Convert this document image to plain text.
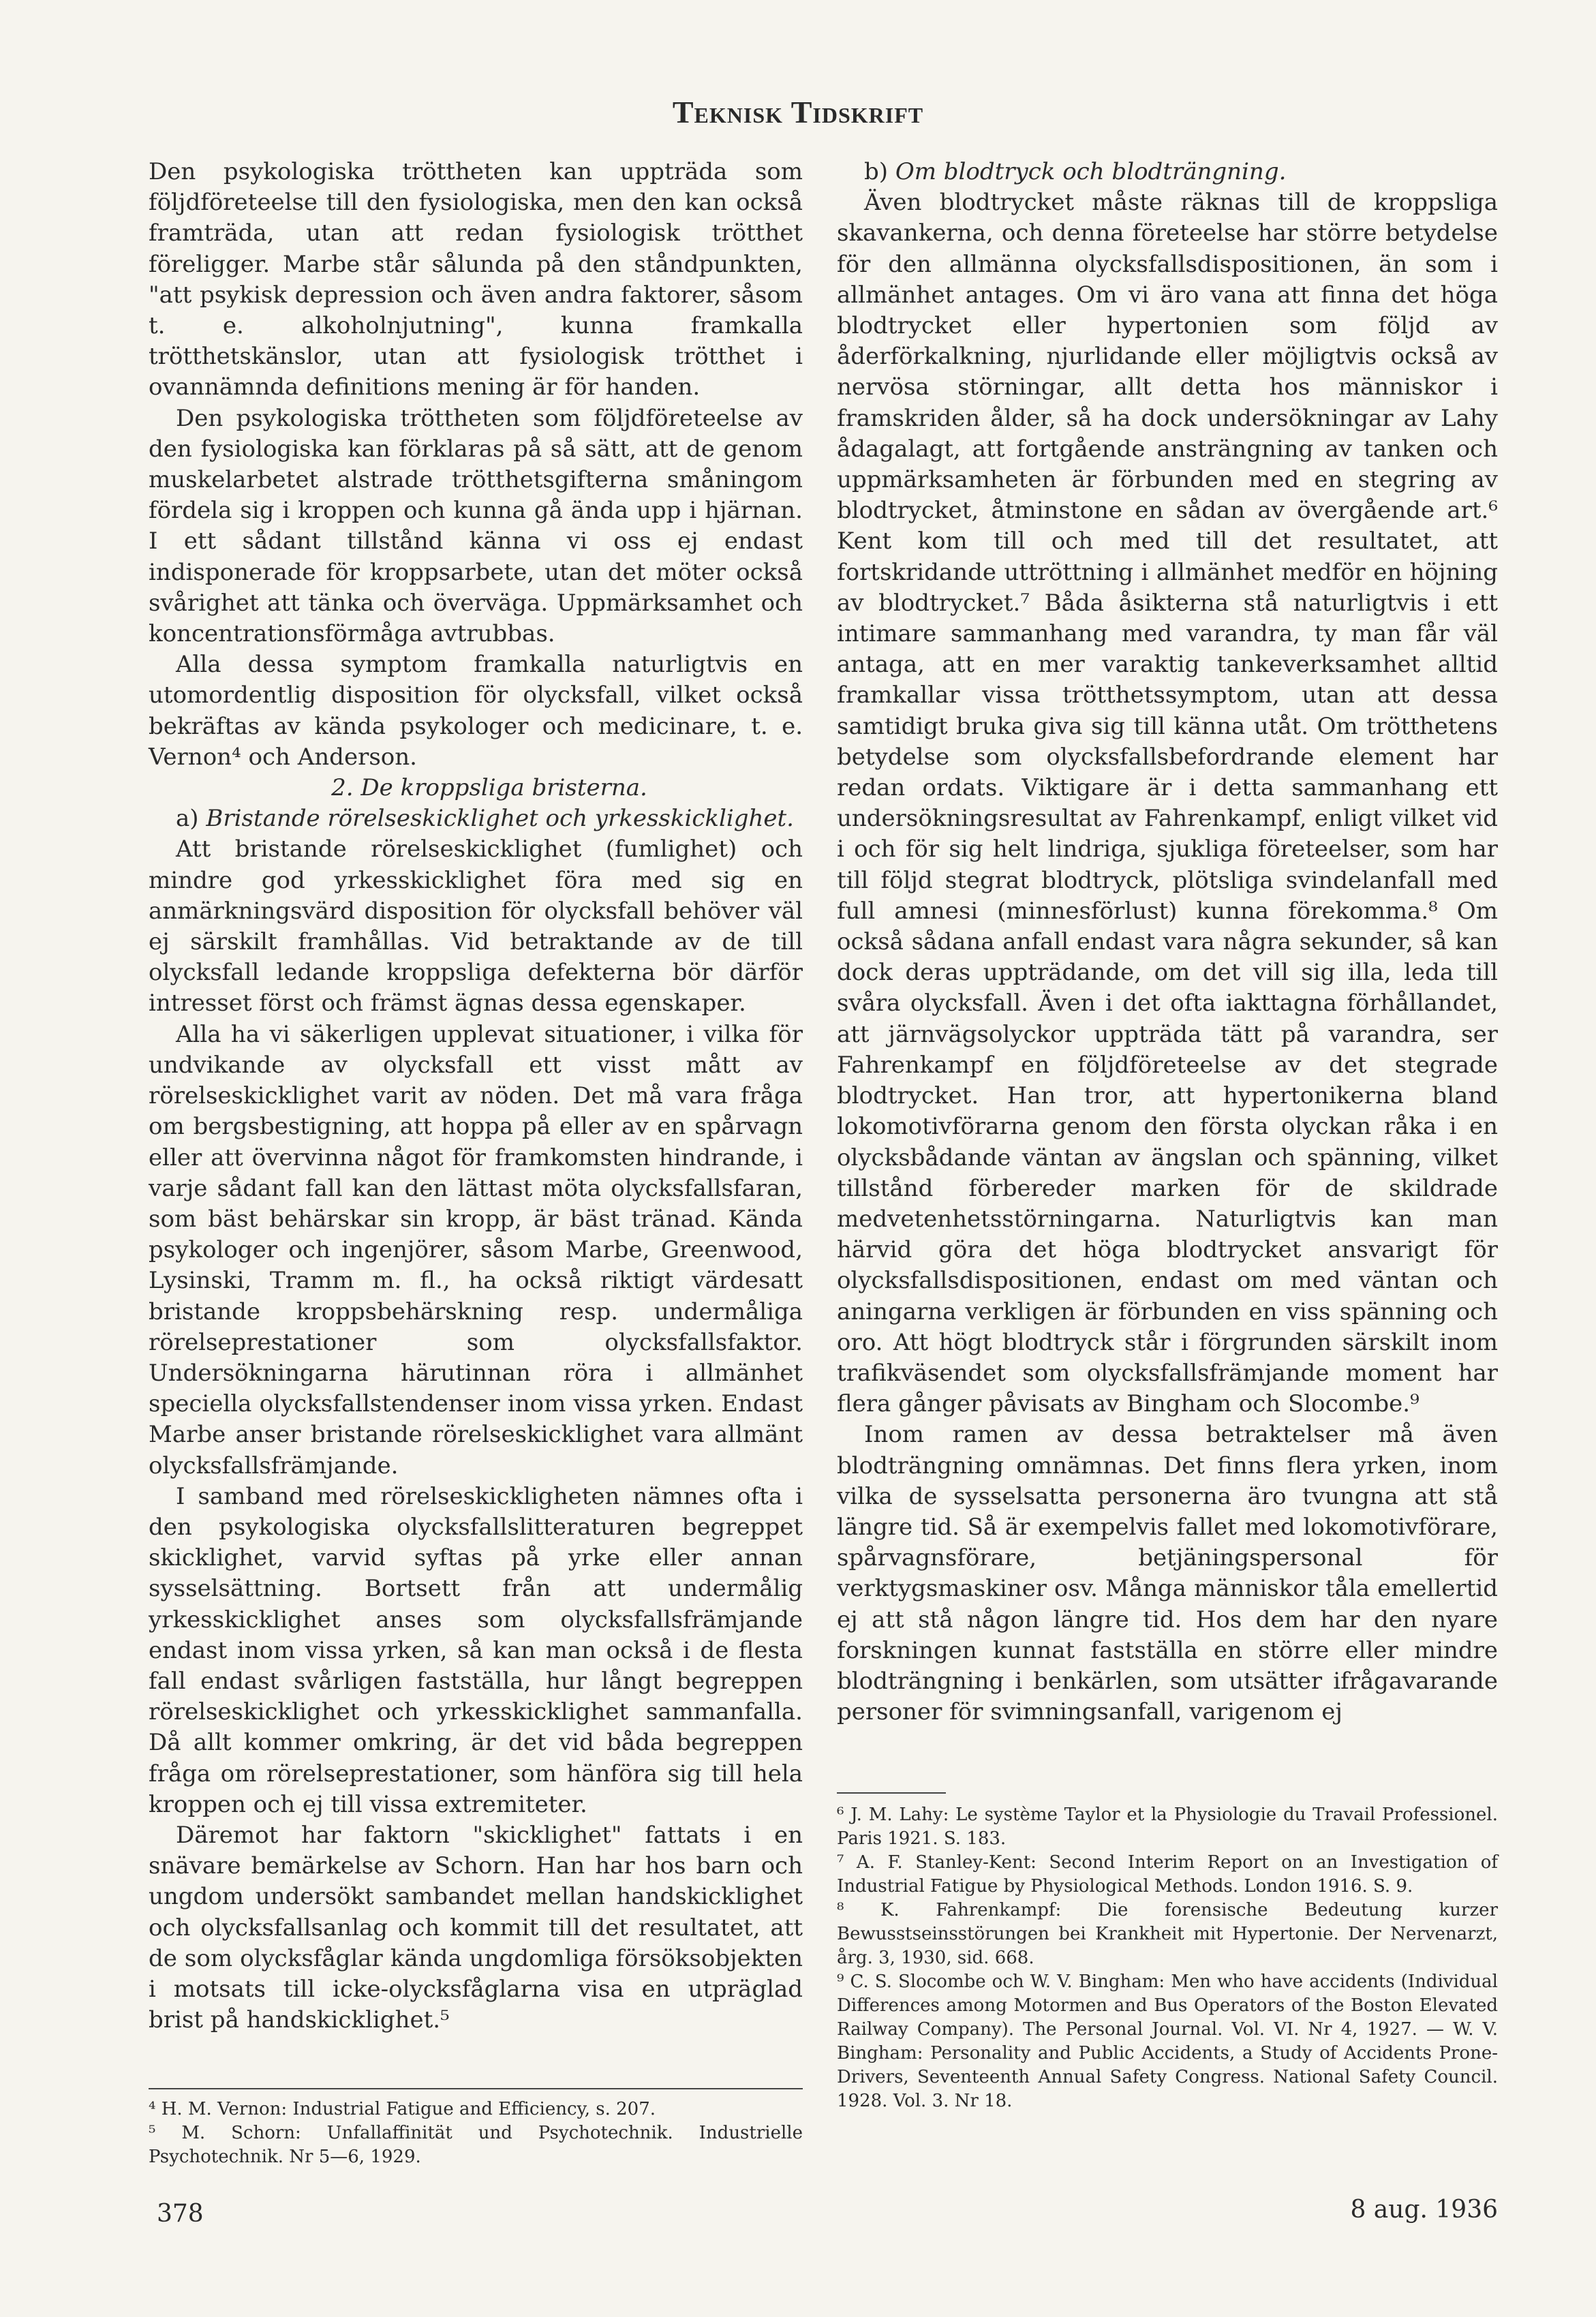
Teknisk Tidskrift

Den psykologiska tröttheten kan uppträda som följdföreteelse till den fysiologiska, men den kan också framträda, utan att redan fysiologisk trötthet föreligger. Marbe står sålunda på den ståndpunkten, "att psykisk depression och även andra faktorer, såsom t. e. alkoholnjutning", kunna framkalla trötthetskänslor, utan att fysiologisk trötthet i ovannämnda definitions mening är för handen.

Den psykologiska tröttheten som följdföreteelse av den fysiologiska kan förklaras på så sätt, att de genom muskelarbetet alstrade trötthetsgifterna småningom fördela sig i kroppen och kunna gå ända upp i hjärnan. I ett sådant tillstånd känna vi oss ej endast indisponerade för kroppsarbete, utan det möter också svårighet att tänka och överväga. Uppmärksamhet och koncentrationsförmåga avtrubbas.

Alla dessa symptom framkalla naturligtvis en utomordentlig disposition för olycksfall, vilket också bekräftas av kända psykologer och medicinare, t. e. Vernon⁴ och Anderson.

2. De kroppsliga bristerna.

a) Bristande rörelseskicklighet och yrkesskicklighet.

Att bristande rörelseskicklighet (fumlighet) och mindre god yrkesskicklighet föra med sig en anmärkningsvärd disposition för olycksfall behöver väl ej särskilt framhållas. Vid betraktande av de till olycksfall ledande kroppsliga defekterna bör därför intresset först och främst ägnas dessa egenskaper.

Alla ha vi säkerligen upplevat situationer, i vilka för undvikande av olycksfall ett visst mått av rörelseskicklighet varit av nöden. Det må vara fråga om bergsbestigning, att hoppa på eller av en spårvagn eller att övervinna något för framkomsten hindrande, i varje sådant fall kan den lättast möta olycksfallsfaran, som bäst behärskar sin kropp, är bäst tränad. Kända psykologer och ingenjörer, såsom Marbe, Greenwood, Lysinski, Tramm m. fl., ha också riktigt värdesatt bristande kroppsbehärskning resp. undermåliga rörelseprestationer som olycksfallsfaktor. Undersökningarna härutinnan röra i allmänhet speciella olycksfallstendenser inom vissa yrken. Endast Marbe anser bristande rörelseskicklighet vara allmänt olycksfallsfrämjande.

I samband med rörelseskickligheten nämnes ofta i den psykologiska olycksfallslitteraturen begreppet skicklighet, varvid syftas på yrke eller annan sysselsättning. Bortsett från att undermålig yrkesskicklighet anses som olycksfallsfrämjande endast inom vissa yrken, så kan man också i de flesta fall endast svårligen fastställa, hur långt begreppen rörelseskicklighet och yrkesskicklighet sammanfalla. Då allt kommer omkring, är det vid båda begreppen fråga om rörelseprestationer, som hänföra sig till hela kroppen och ej till vissa extremiteter.

Däremot har faktorn "skicklighet" fattats i en snävare bemärkelse av Schorn. Han har hos barn och ungdom undersökt sambandet mellan handskicklighet och olycksfallsanlag och kommit till det resultatet, att de som olycksfåglar kända ungdomliga försöksobjekten i motsats till icke-olycksfåglarna visa en utpräglad brist på handskicklighet.⁵

⁴ H. M. Vernon: Industrial Fatigue and Efficiency, s. 207.

⁵ M. Schorn: Unfallaffinität und Psychotechnik. Industrielle Psychotechnik. Nr 5—6, 1929.

b) Om blodtryck och blodträngning.

Även blodtrycket måste räknas till de kroppsliga skavankerna, och denna företeelse har större betydelse för den allmänna olycksfallsdispositionen, än som i allmänhet antages. Om vi äro vana att finna det höga blodtrycket eller hypertonien som följd av åderförkalkning, njurlidande eller möjligtvis också av nervösa störningar, allt detta hos människor i framskriden ålder, så ha dock undersökningar av Lahy ådagalagt, att fortgående ansträngning av tanken och uppmärksamheten är förbunden med en stegring av blodtrycket, åtminstone en sådan av övergående art.⁶ Kent kom till och med till det resultatet, att fortskridande uttröttning i allmänhet medför en höjning av blodtrycket.⁷ Båda åsikterna stå naturligtvis i ett intimare sammanhang med varandra, ty man får väl antaga, att en mer varaktig tankeverksamhet alltid framkallar vissa trötthetssymptom, utan att dessa samtidigt bruka giva sig till känna utåt. Om trötthetens betydelse som olycksfallsbefordrande element har redan ordats. Viktigare är i detta sammanhang ett undersökningsresultat av Fahrenkampf, enligt vilket vid i och för sig helt lindriga, sjukliga företeelser, som har till följd stegrat blodtryck, plötsliga svindelanfall med full amnesi (minnesförlust) kunna förekomma.⁸ Om också sådana anfall endast vara några sekunder, så kan dock deras uppträdande, om det vill sig illa, leda till svåra olycksfall. Även i det ofta iakttagna förhållandet, att järnvägsolyckor uppträda tätt på varandra, ser Fahrenkampf en följdföreteelse av det stegrade blodtrycket. Han tror, att hypertonikerna bland lokomotivförarna genom den första olyckan råka i en olycksbådande väntan av ängslan och spänning, vilket tillstånd förbereder marken för de skildrade medvetenhetsstörningarna. Naturligtvis kan man härvid göra det höga blodtrycket ansvarigt för olycksfallsdispositionen, endast om med väntan och aningarna verkligen är förbunden en viss spänning och oro. Att högt blodtryck står i förgrunden särskilt inom trafikväsendet som olycksfallsfrämjande moment har flera gånger påvisats av Bingham och Slocombe.⁹

Inom ramen av dessa betraktelser må även blodträngning omnämnas. Det finns flera yrken, inom vilka de sysselsatta personerna äro tvungna att stå längre tid. Så är exempelvis fallet med lokomotivförare, spårvagnsförare, betjäningspersonal för verktygsmaskiner osv. Många människor tåla emellertid ej att stå någon längre tid. Hos dem har den nyare forskningen kunnat fastställa en större eller mindre blodträngning i benkärlen, som utsätter ifrågavarande personer för svimningsanfall, varigenom ej

⁶ J. M. Lahy: Le système Taylor et la Physiologie du Travail Professionel. Paris 1921. S. 183.

⁷ A. F. Stanley-Kent: Second Interim Report on an Investigation of Industrial Fatigue by Physiological Methods. London 1916. S. 9.

⁸ K. Fahrenkampf: Die forensische Bedeutung kurzer Bewusstseinsstörungen bei Krankheit mit Hypertonie. Der Nervenarzt, årg. 3, 1930, sid. 668.

⁹ C. S. Slocombe och W. V. Bingham: Men who have accidents (Individual Differences among Motormen and Bus Operators of the Boston Elevated Railway Company). The Personal Journal. Vol. VI. Nr 4, 1927. — W. V. Bingham: Personality and Public Accidents, a Study of Accidents Prone-Drivers, Seventeenth Annual Safety Congress. National Safety Council. 1928. Vol. 3. Nr 18.

378	8 aug. 1936
